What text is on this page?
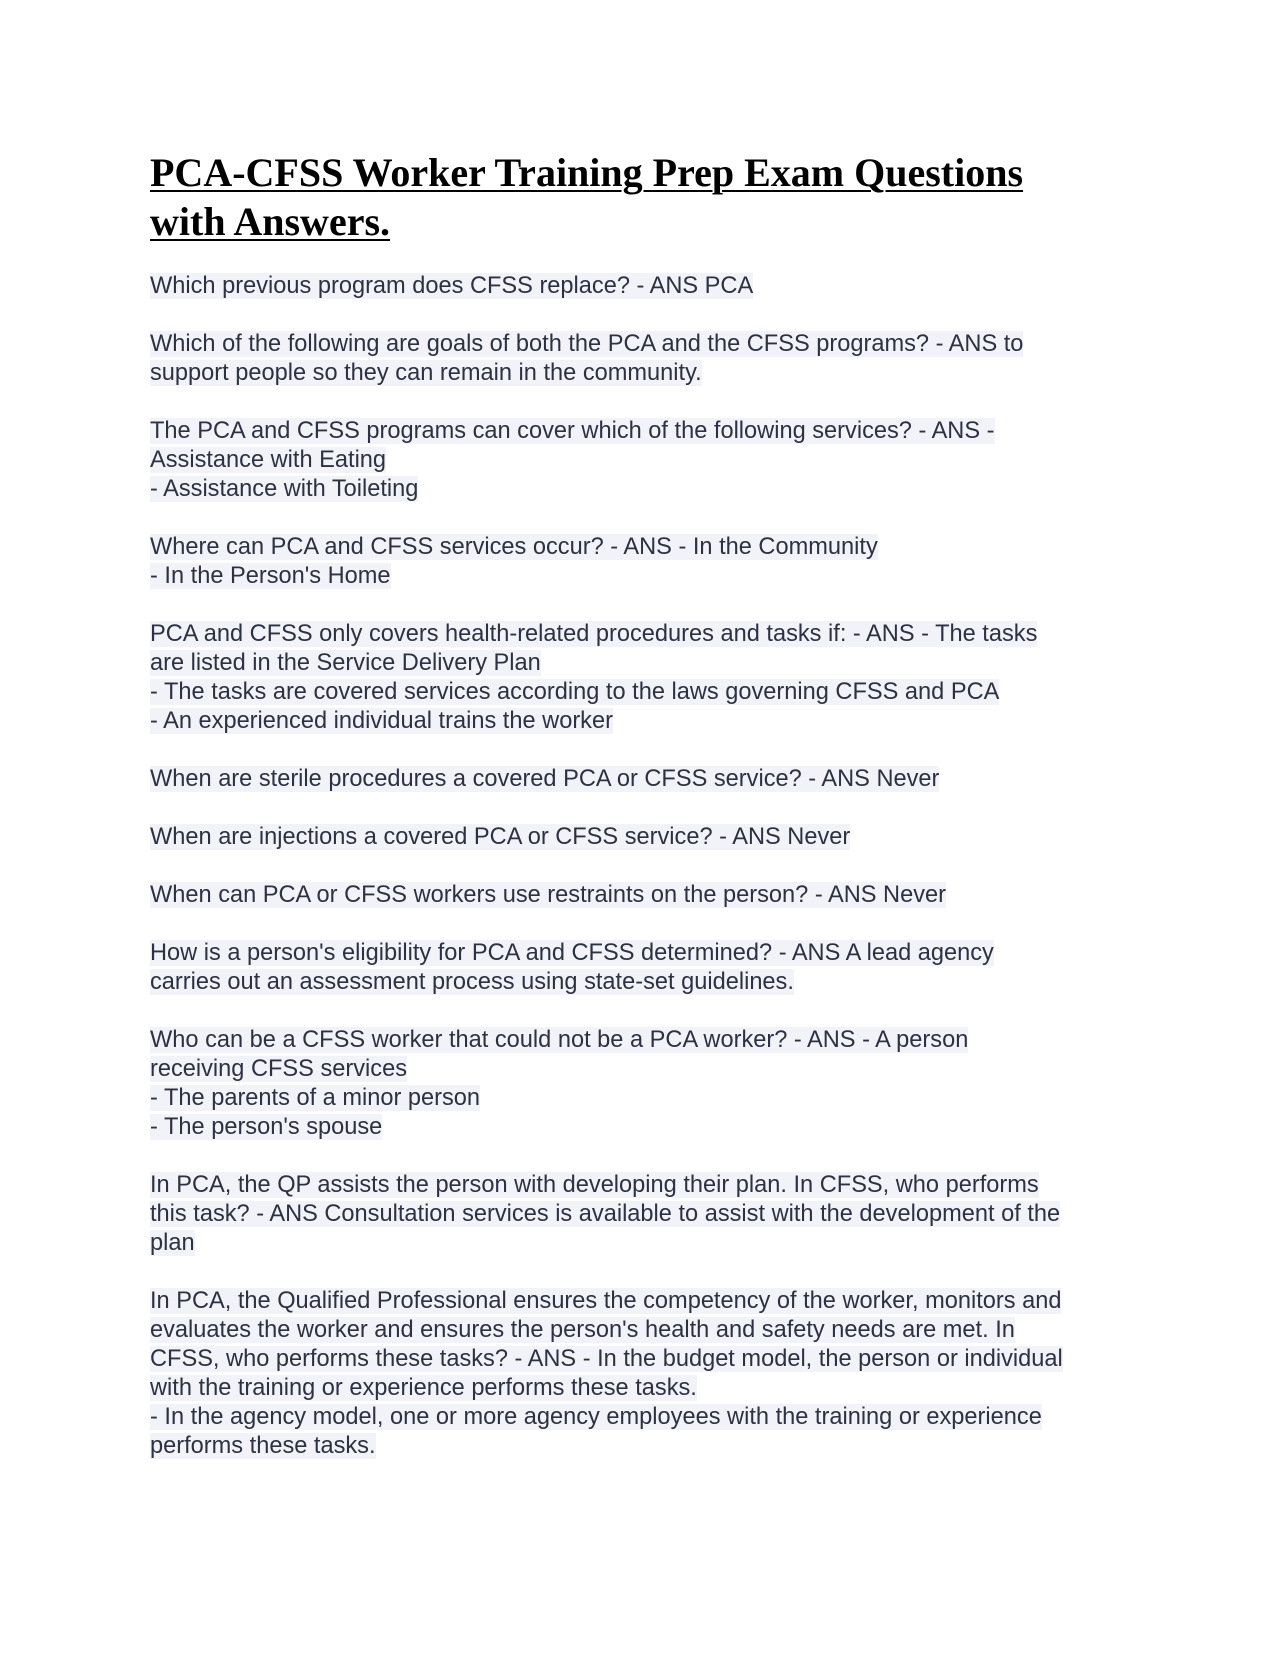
PCA-CFSS Worker Training Prep Exam Questions
with Answers.
Which previous program does CFSS replace? - ANS PCA
Which of the following are goals of both the PCA and the CFSS programs? - ANS to
support people so they can remain in the community.
The PCA and CFSS programs can cover which of the following services? - ANS -
Assistance with Eating
- Assistance with Toileting
Where can PCA and CFSS services occur? - ANS - In the Community
- In the Person's Home
PCA and CFSS only covers health-related procedures and tasks if: - ANS - The tasks
are listed in the Service Delivery Plan
- The tasks are covered services according to the laws governing CFSS and PCA
- An experienced individual trains the worker
When are sterile procedures a covered PCA or CFSS service? - ANS Never
When are injections a covered PCA or CFSS service? - ANS Never
When can PCA or CFSS workers use restraints on the person? - ANS Never
How is a person's eligibility for PCA and CFSS determined? - ANS A lead agency
carries out an assessment process using state-set guidelines.
Who can be a CFSS worker that could not be a PCA worker? - ANS - A person
receiving CFSS services
- The parents of a minor person
- The person's spouse
In PCA, the QP assists the person with developing their plan. In CFSS, who performs
this task? - ANS Consultation services is available to assist with the development of the
plan
In PCA, the Qualified Professional ensures the competency of the worker, monitors and
evaluates the worker and ensures the person's health and safety needs are met. In
CFSS, who performs these tasks? - ANS - In the budget model, the person or individual
with the training or experience performs these tasks.
- In the agency model, one or more agency employees with the training or experience
performs these tasks.
